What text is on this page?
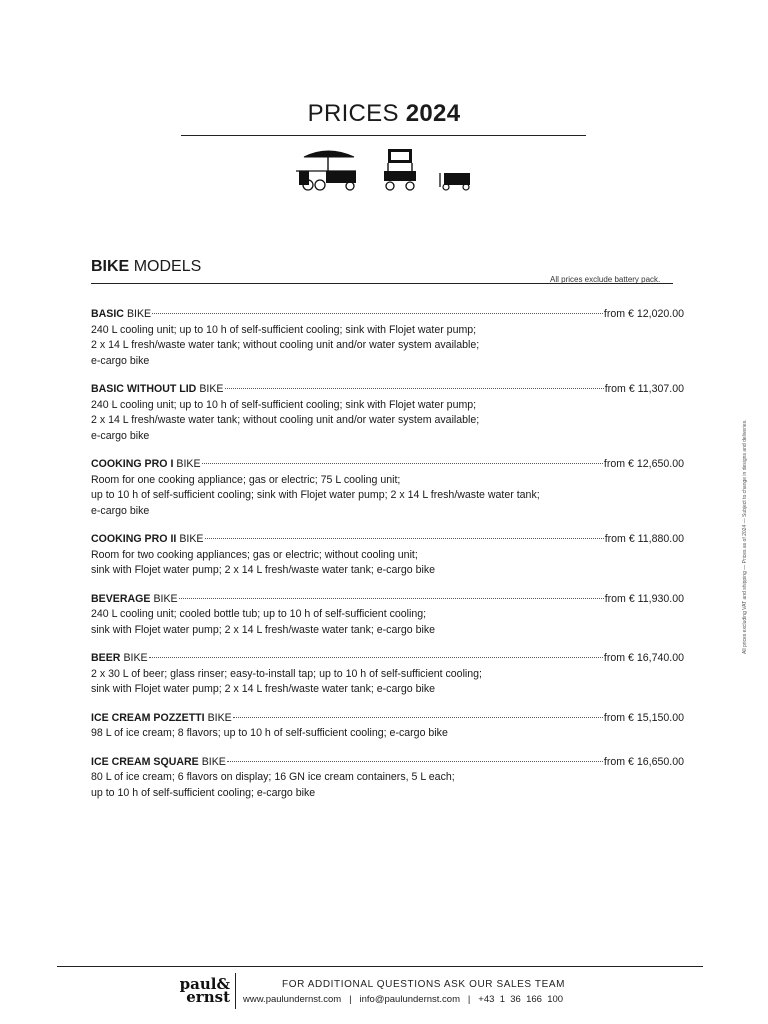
PRICES 2024
BIKE MODELS
All prices exclude battery pack.
All prices excluding VAT and shipping — Prices as of 2024 — Subject to change in designs and deliveries.
BASIC BIKE	from € 12,020.00
240 L cooling unit; up to 10 h of self-sufficient cooling; sink with Flojet water pump;
2 x 14 L fresh/waste water tank; without cooling unit and/or water system available;
e-cargo bike
BASIC WITHOUT LID BIKE	from € 11,307.00
240 L cooling unit; up to 10 h of self-sufficient cooling; sink with Flojet water pump;
2 x 14 L fresh/waste water tank; without cooling unit and/or water system available;
e-cargo bike
COOKING PRO I BIKE	from € 12,650.00
Room for one cooking appliance; gas or electric; 75 L cooling unit;
up to 10 h of self-sufficient cooling; sink with Flojet water pump; 2 x 14 L fresh/waste water tank;
e-cargo bike
COOKING PRO II BIKE	from € 11,880.00
Room for two cooking appliances; gas or electric; without cooling unit;
sink with Flojet water pump; 2 x 14 L fresh/waste water tank; e-cargo bike
BEVERAGE BIKE	from € 11,930.00
240 L cooling unit; cooled bottle tub; up to 10 h of self-sufficient cooling;
sink with Flojet water pump; 2 x 14 L fresh/waste water tank; e-cargo bike
BEER BIKE	from € 16,740.00
2 x 30 L of beer; glass rinser; easy-to-install tap; up to 10 h of self-sufficient cooling;
sink with Flojet water pump; 2 x 14 L fresh/waste water tank; e-cargo bike
ICE CREAM POZZETTI BIKE	from € 15,150.00
98 L of ice cream; 8 flavors; up to 10 h of self-sufficient cooling; e-cargo bike
ICE CREAM SQUARE BIKE	from € 16,650.00
80 L of ice cream; 6 flavors on display; 16 GN ice cream containers, 5 L each;
up to 10 h of self-sufficient cooling; e-cargo bike
paul&
ernst
FOR ADDITIONAL QUESTIONS ASK OUR SALES TEAM
www.paulundernst.com   |   info@paulundernst.com   |   +43  1  36  166  100
